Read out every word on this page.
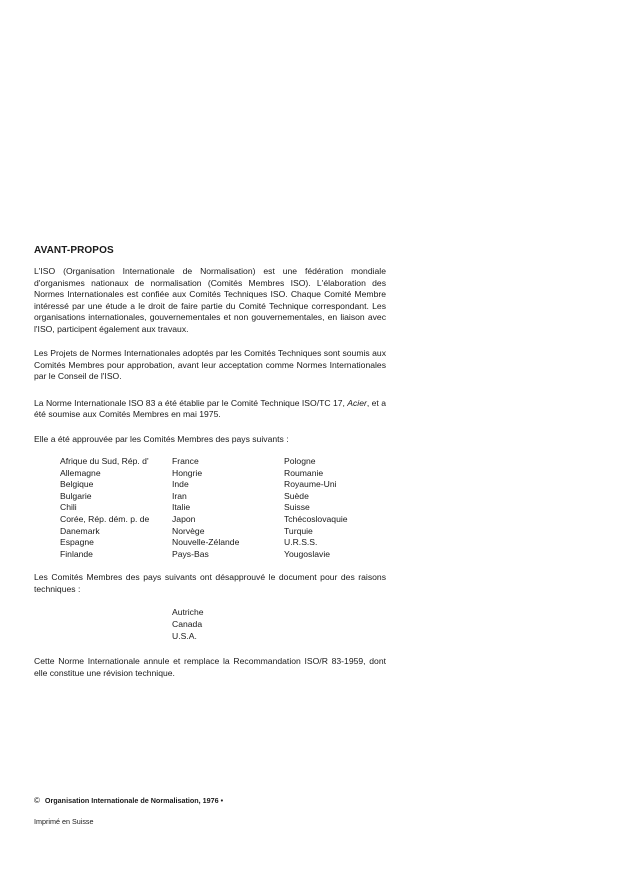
AVANT-PROPOS

L'ISO (Organisation Internationale de Normalisation) est une fédération mondiale d'organismes nationaux de normalisation (Comités Membres ISO). L'élaboration des Normes Internationales est confiée aux Comités Techniques ISO. Chaque Comité Membre intéressé par une étude a le droit de faire partie du Comité Technique correspondant. Les organisations internationales, gouvernementales et non gouvernementales, en liaison avec l'ISO, participent également aux travaux.

Les Projets de Normes Internationales adoptés par les Comités Techniques sont soumis aux Comités Membres pour approbation, avant leur acceptation comme Normes Internationales par le Conseil de l'ISO.

La Norme Internationale ISO 83 a été établie par le Comité Technique ISO/TC 17, Acier, et a été soumise aux Comités Membres en mai 1975.

Elle a été approuvée par les Comités Membres des pays suivants :

Afrique du Sud, Rép. d'
Allemagne
Belgique
Bulgarie
Chili
Corée, Rép. dém. p. de
Danemark
Espagne
Finlande
France
Hongrie
Inde
Iran
Italie
Japon
Norvège
Nouvelle-Zélande
Pays-Bas
Pologne
Roumanie
Royaume-Uni
Suède
Suisse
Tchécoslovaquie
Turquie
U.R.S.S.
Yougoslavie

Les Comités Membres des pays suivants ont désapprouvé le document pour des raisons techniques :

Autriche
Canada
U.S.A.

Cette Norme Internationale annule et remplace la Recommandation ISO/R 83-1959, dont elle constitue une révision technique.

© Organisation Internationale de Normalisation, 1976 •
Imprimé en Suisse
